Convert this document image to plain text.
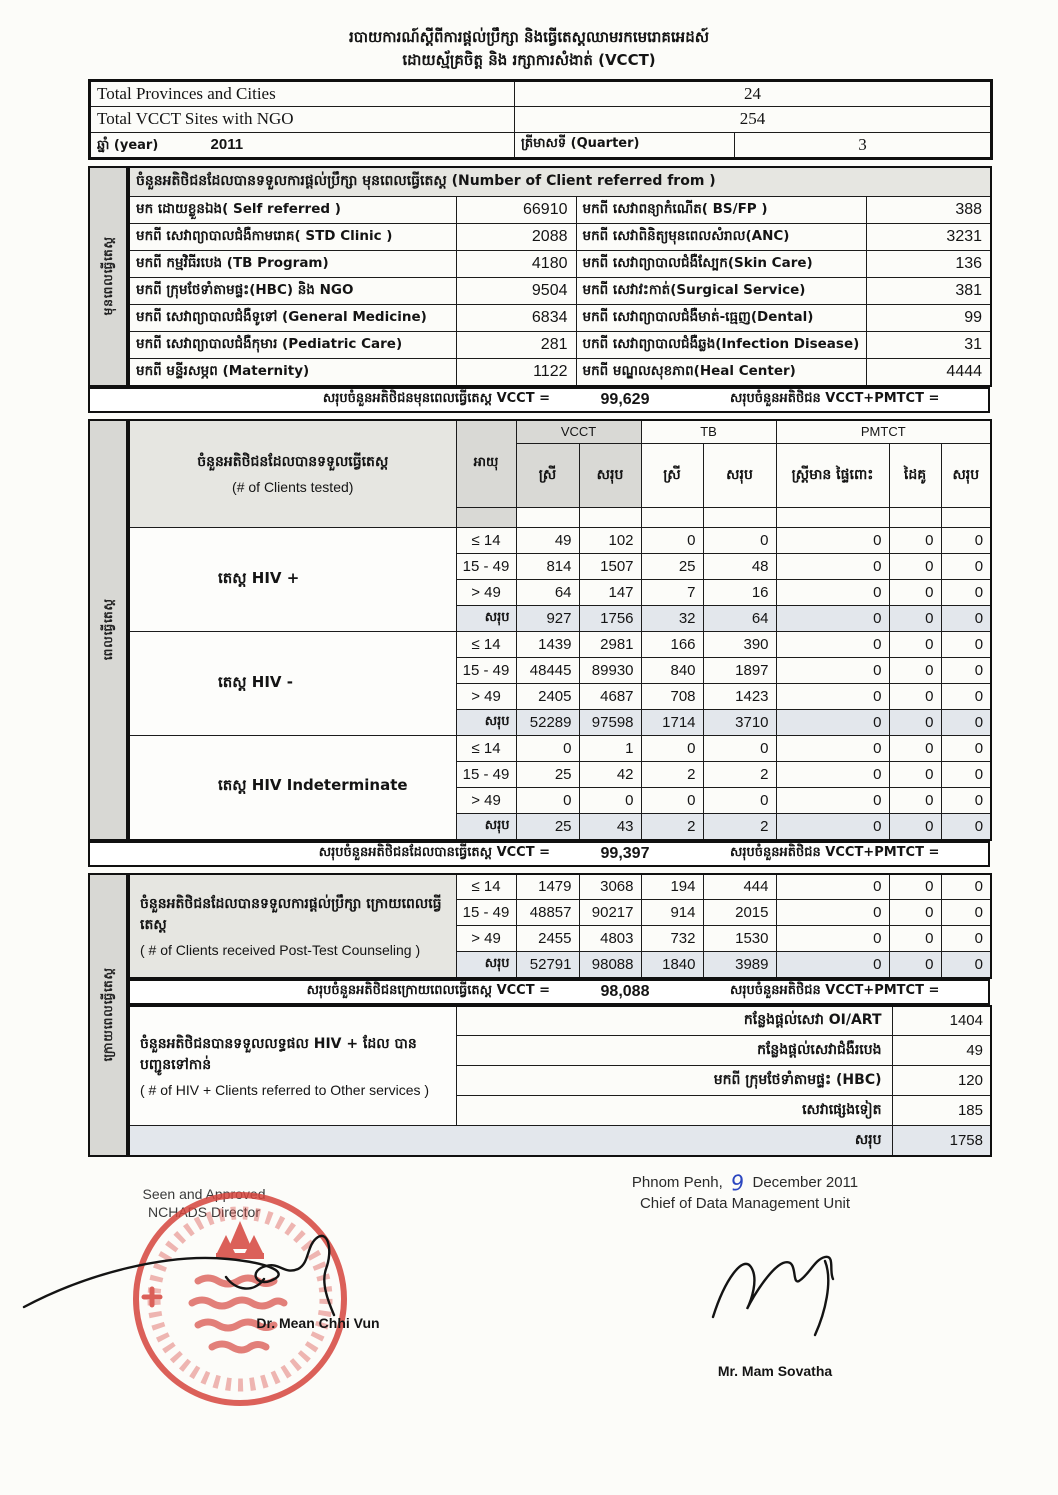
របាយការណ៍ស្តីពីការផ្តល់ប្រឹក្សា និងធ្វើតេស្តឈាមរកមេរោគអេដស៍
ដោយស្ម័គ្រចិត្ត និង រក្សាការសំងាត់ (VCCT)
Total Provinces and Cities	24	
Total VCCT Sites with NGO	254	
ឆ្នាំ (year) 2011	ត្រីមាសទី (Quarter)	3
មុនពេលធ្វើតេស្ត
ចំនួនអតិថិជនដែលបានទទួលការផ្តល់ប្រឹក្សា មុនពេលធ្វើតេស្ត (Number of Client referred from )			
មក ដោយខ្លួនឯង( Self referred )	66910	មកពី សេវាពន្យាកំណើត( BS/FP )	388
មកពី សេវាព្យាបាលជំងឺកាមរោគ( STD Clinic )	2088	មកពី សេវាពិនិត្យមុនពេលសំរាល(ANC)	3231
មកពី កម្មវិធីរបេង (TB Program)	4180	មកពី សេវាព្យាបាលជំងឺស្បែក(Skin Care)	136
មកពី ក្រុមថែទាំតាមផ្ទះ(HBC) និង NGO	9504	មកពី សេវាវះកាត់(Surgical Service)	381
មកពី សេវាព្យាបាលជំងឺទូទៅ (General Medicine)	6834	មកពី សេវាព្យាបាលជំងឺមាត់-ធ្មេញ(Dental)	99
មកពី សេវាព្យាបាលជំងឺកុមារ (Pediatric Care)	281	បកពី សេវាព្យាបាលជំងឺឆ្លង(Infection Disease)	31
មកពី មន្ទីរសម្ភព (Maternity)	1122	មកពី មណ្ឌលសុខភាព(Heal Center)	4444
សរុបចំនួនអតិថិជនមុនពេលធ្វើតេស្ត VCCT =	99,629	សរុបចំនួនអតិថិជន VCCT+PMTCT =
ពេលធ្វើតេស្ត
ចំនួនអតិថិជនដែលបានទទួលធ្វើតេស្ត
(# of Clients tested)	អាយុ	VCCT		TB		PMTCT		
		ស្រី	សរុប	ស្រី	សរុប	ស្ត្រីមាន ផ្ទៃពោះ	ដៃគូ	សរុប

តេស្ត HIV +	≤ 14	49	102	0	0	0	0	0
	15 - 49	814	1507	25	48	0	0	0
	> 49	64	147	7	16	0	0	0
	សរុប	927	1756	32	64	0	0	0
តេស្ត HIV -	≤ 14	1439	2981	166	390	0	0	0
	15 - 49	48445	89930	840	1897	0	0	0
	> 49	2405	4687	708	1423	0	0	0
	សរុប	52289	97598	1714	3710	0	0	0
តេស្ត HIV Indeterminate	≤ 14	0	1	0	0	0	0	0
	15 - 49	25	42	2	2	0	0	0
	> 49	0	0	0	0	0	0	0
	សរុប	25	43	2	2	0	0	0
សរុបចំនួនអតិថិជនដែលបានធ្វើតេស្ត VCCT =	99,397	សរុបចំនួនអតិថិជន VCCT+PMTCT =
ក្រោយពេលធ្វើតេស្ត
ចំនួនអតិថិជនដែលបានទទួលការផ្តល់ប្រឹក្សា ក្រោយពេលធ្វើតេស្ត
( # of Clients received Post-Test Counseling )	≤ 14	1479	3068	194	444	0	0	0
	15 - 49	48857	90217	914	2015	0	0	0
	> 49	2455	4803	732	1530	0	0	0
	សរុប	52791	98088	1840	3989	0	0	0
សរុបចំនួនអតិថិជនក្រោយពេលធ្វើតេស្ត VCCT =	98,088	សរុបចំនួនអតិថិជន VCCT+PMTCT =
ចំនួនអតិថិជនបានទទួលលទ្ធផល HIV + ដែល បានបញ្ជូនទៅកាន់
( # of HIV + Clients referred to Other services )	កន្លែងផ្តល់សេវា OI/ART	1404
	កន្លែងផ្តល់សេវាជំងឺរបេង	49
	មកពី ក្រុមថែទាំតាមផ្ទះ (HBC)	120
	សេវាផ្សេងទៀត	185
សរុប		1758
Seen and Approved
NCHADS Director
Dr. Mean Chhi Vun
Phnom Penh, 9 December 2011
Chief of Data Management Unit
Mr. Mam Sovatha
